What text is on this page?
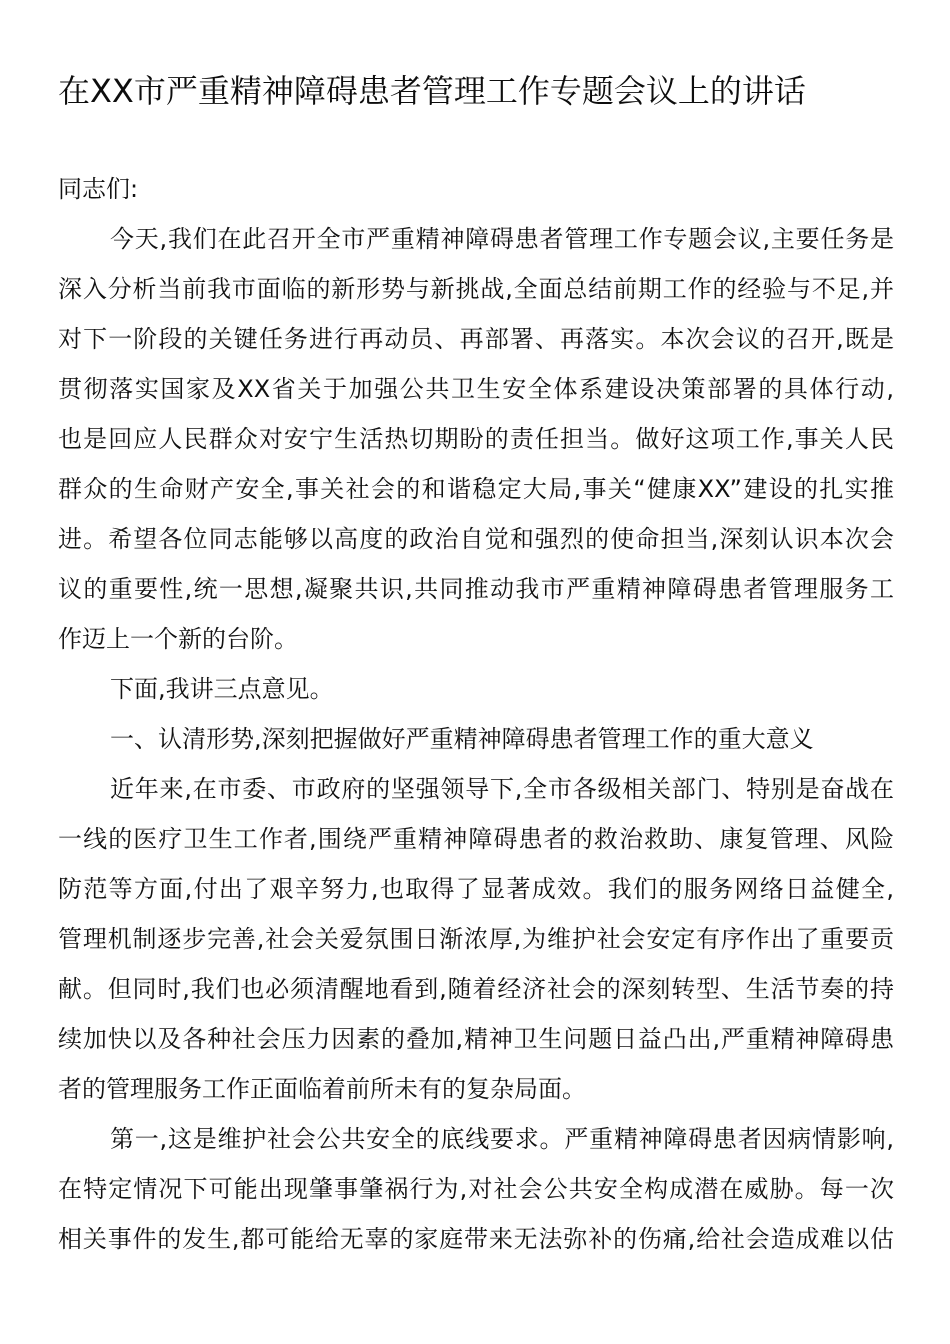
在XX市严重精神障碍患者管理工作专题会议上的讲话
同志们:
今天,我们在此召开全市严重精神障碍患者管理工作专题会议,主要任务是
深入分析当前我市面临的新形势与新挑战,全面总结前期工作的经验与不足,并
对下一阶段的关键任务进行再动员、再部署、再落实。本次会议的召开,既是
贯彻落实国家及XX省关于加强公共卫生安全体系建设决策部署的具体行动,
也是回应人民群众对安宁生活热切期盼的责任担当。做好这项工作,事关人民
群众的生命财产安全,事关社会的和谐稳定大局,事关“健康XX”建设的扎实推
进。希望各位同志能够以高度的政治自觉和强烈的使命担当,深刻认识本次会
议的重要性,统一思想,凝聚共识,共同推动我市严重精神障碍患者管理服务工
作迈上一个新的台阶。
下面,我讲三点意见。
一、认清形势,深刻把握做好严重精神障碍患者管理工作的重大意义
近年来,在市委、市政府的坚强领导下,全市各级相关部门、特别是奋战在
一线的医疗卫生工作者,围绕严重精神障碍患者的救治救助、康复管理、风险
防范等方面,付出了艰辛努力,也取得了显著成效。我们的服务网络日益健全,
管理机制逐步完善,社会关爱氛围日渐浓厚,为维护社会安定有序作出了重要贡
献。但同时,我们也必须清醒地看到,随着经济社会的深刻转型、生活节奏的持
续加快以及各种社会压力因素的叠加,精神卫生问题日益凸出,严重精神障碍患
者的管理服务工作正面临着前所未有的复杂局面。
第一,这是维护社会公共安全的底线要求。严重精神障碍患者因病情影响,
在特定情况下可能出现肇事肇祸行为,对社会公共安全构成潜在威胁。每一次
相关事件的发生,都可能给无辜的家庭带来无法弥补的伤痛,给社会造成难以估
